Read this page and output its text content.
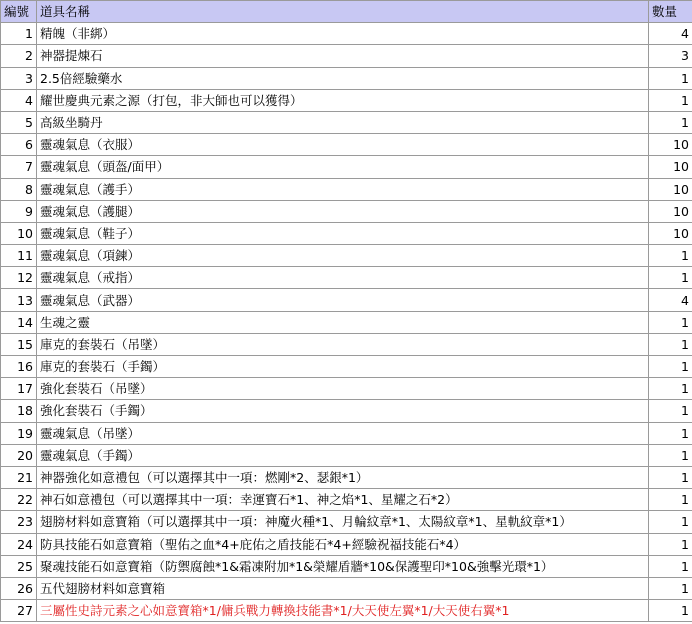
編號	道具名稱	數量
1	精魄（非綁）	4
2	神器提煉石	3
3	2.5倍經驗藥水	1
4	耀世慶典元素之源（打包，非大師也可以獲得）	1
5	高級坐騎丹	1
6	靈魂氣息（衣服）	10
7	靈魂氣息（頭盔/面甲）	10
8	靈魂氣息（護手）	10
9	靈魂氣息（護腿）	10
10	靈魂氣息（鞋子）	10
11	靈魂氣息（項鍊）	1
12	靈魂氣息（戒指）	1
13	靈魂氣息（武器）	4
14	生魂之靈	1
15	庫克的套裝石（吊墜）	1
16	庫克的套裝石（手鐲）	1
17	強化套裝石（吊墜）	1
18	強化套裝石（手鐲）	1
19	靈魂氣息（吊墜）	1
20	靈魂氣息（手鐲）	1
21	神器強化如意禮包（可以選擇其中一項：燃剛*2、瑟銀*1）	1
22	神石如意禮包（可以選擇其中一項：幸運寶石*1、神之焰*1、星耀之石*2）	1
23	翅膀材料如意寶箱（可以選擇其中一項：神魔火種*1、月輪紋章*1、太陽紋章*1、星軌紋章*1）	1
24	防具技能石如意寶箱（聖佑之血*4+庇佑之盾技能石*4+經驗祝福技能石*4）	1
25	聚魂技能石如意寶箱（防禦腐蝕*1&霜凍附加*1&榮耀盾牆*10&保護聖印*10&強擊光環*1）	1
26	五代翅膀材料如意寶箱	1
27	三屬性史詩元素之心如意寶箱*1/傭兵戰力轉換技能書*1/大天使左翼*1/大天使右翼*1	1
